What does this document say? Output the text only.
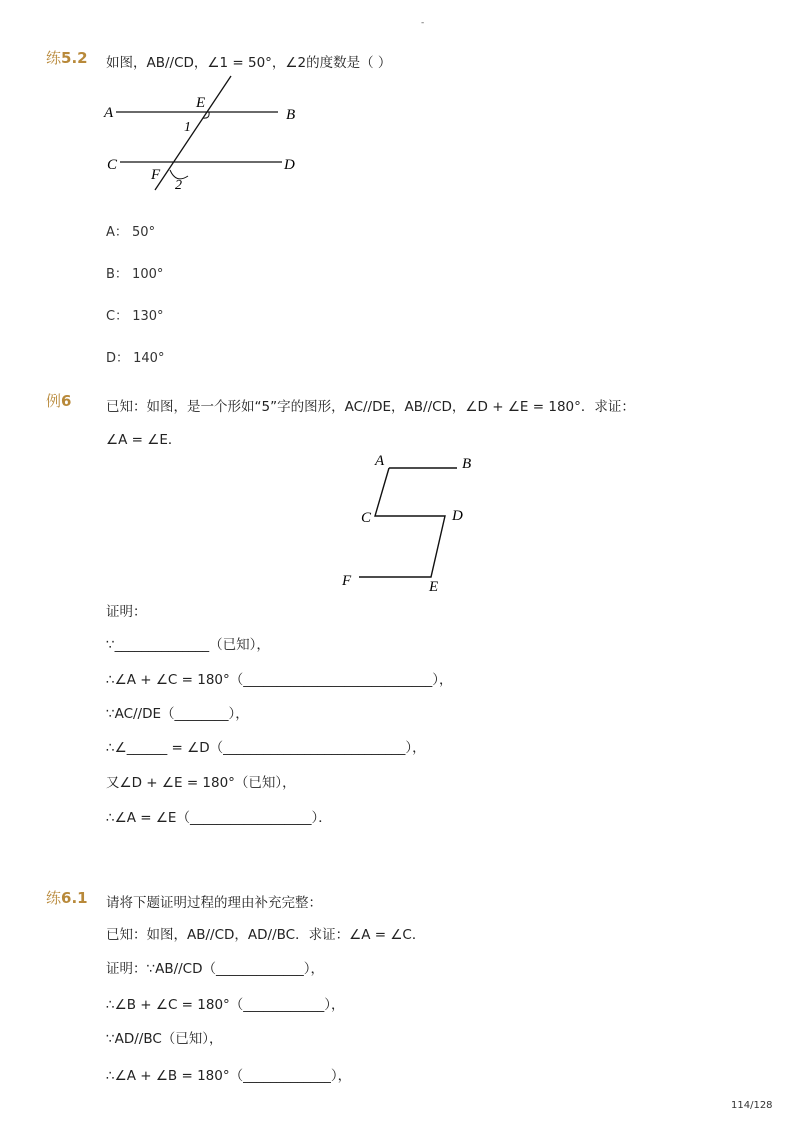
-
练5.2 如图，AB//CD，∠1 = 50°，∠2的度数是（ ）
A	B
E
1
C	D
F
2
A： 50°
B： 100°
C： 130°
D： 140°
例6	已知：如图，是一个形如“5”字的图形，AC//DE，AB//CD，∠D + ∠E = 180°．求证：
∠A = ∠E．
A	B
C	D
F	E
证明：
∵______________（已知），
∴∠A + ∠C = 180°（____________________________），
∵AC//DE（________），
∴∠______ = ∠D（___________________________），
又∠D + ∠E = 180°（已知），
∴∠A = ∠E（__________________）．
练6.1 请将下题证明过程的理由补充完整：
已知：如图，AB//CD，AD//BC．求证：∠A = ∠C．
证明：∵AB//CD（_____________），
∴∠B + ∠C = 180°（____________），
∵AD//BC（已知），
∴∠A + ∠B = 180°（_____________），
114/128
